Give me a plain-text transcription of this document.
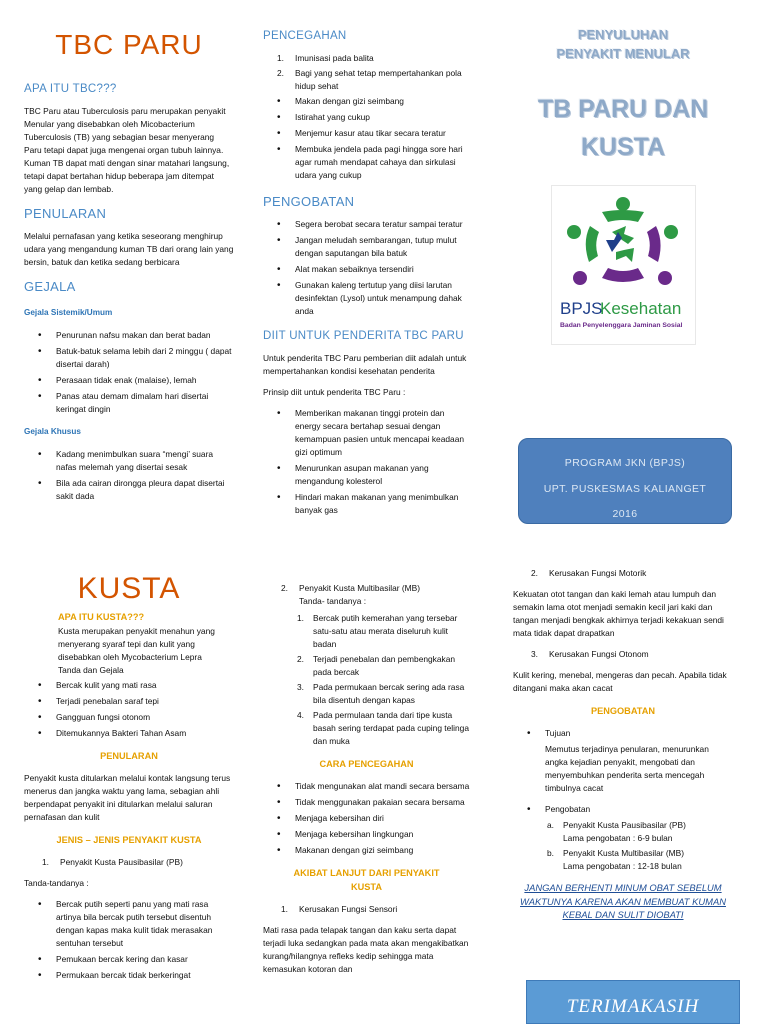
TBC PARU
APA ITU TBC???

TBC Paru atau Tuberculosis paru merupakan penyakit Menular yang disebabkan oleh Micobacterium Tuberculosis (TB) yang sebagian besar menyerang Paru tetapi dapat juga mengenai organ tubuh lainnya. Kuman TB dapat mati dengan sinar matahari langsung, tetapi dapat bertahan hidup beberapa jam ditempat yang gelap dan lembab.

PENULARAN

Melalui pernafasan yang ketika seseorang menghirup udara yang mengandung kuman TB dari orang lain yang bersin, batuk dan ketika sedang berbicara

GEJALA
Gejala Sistemik/Umum
• Penurunan nafsu makan dan berat badan
• Batuk-batuk selama lebih dari 2 minggu ( dapat disertai darah)
• Perasaan tidak enak (malaise), lemah
• Panas atau demam dimalam hari disertai keringat dingin
Gejala Khusus
• Kadang menimbulkan suara “mengi’ suara nafas melemah yang disertai sesak
• Bila ada cairan dirongga pleura dapat disertai sakit dada
PENCEGAHAN
1. Imunisasi pada balita
2. Bagi yang sehat tetap mempertahankan pola hidup sehat
• Makan dengan gizi seimbang
• Istirahat yang cukup
• Menjemur kasur atau tikar secara teratur
• Membuka jendela pada pagi hingga sore hari agar rumah mendapat cahaya dan sirkulasi udara yang cukup
PENGOBATAN
• Segera berobat secara teratur sampai teratur
• Jangan meludah sembarangan, tutup mulut dengan saputangan bila batuk
• Alat makan sebaiknya tersendiri
• Gunakan kaleng tertutup yang diisi larutan desinfektan (Lysol) untuk menampung dahak anda
DIIT UNTUK PENDERITA TBC PARU

Untuk penderita TBC Paru pemberian diit adalah untuk mempertahankan kondisi kesehatan penderita

Prinsip diit untuk penderita TBC Paru :

• Memberikan makanan tinggi protein dan energy secara bertahap sesuai dengan kemampuan pasien untuk mencapai keadaan gizi optimum
• Menurunkan asupan makanan yang mengandung kolesterol
• Hindari makan makanan yang menimbulkan banyak gas
PENYULUHAN
PENYAKIT MENULAR
TB PARU DAN
KUSTA
BPJS
Kesehatan
Badan Penyelenggara Jaminan Sosial
PROGRAM JKN (BPJS)
UPT. PUSKESMAS KALIANGET
2016
KUSTA
APA ITU KUSTA???

Kusta merupakan penyakit menahun yang menyerang syaraf tepi dan kulit yang disebabkan oleh Mycobacterium Lepra

Tanda dan Gejala

• Bercak kulit yang mati rasa
• Terjadi penebalan saraf tepi
• Gangguan fungsi otonom
• Ditemukannya Bakteri Tahan Asam
PENULARAN

Penyakit kusta ditularkan melalui kontak langsung terus menerus dan jangka waktu yang lama, sebagian ahli berpendapat penyakit ini ditularkan melalui saluran pernafasan dan kulit

JENIS – JENIS PENYAKIT KUSTA
1. Penyakit Kusta Pausibasilar (PB)

Tanda-tandanya :

• Bercak putih seperti panu yang mati rasa artinya bila bercak putih tersebut disentuh dengan kapas maka kulit tidak merasakan sentuhan tersebut
• Pemukaan bercak kering dan kasar
• Permukaan bercak tidak berkeringat
2. Penyakit Kusta Multibasilar (MB)

Tanda- tandanya :

1. Bercak putih kemerahan yang tersebar satu-satu atau merata diseluruh kulit badan
2. Terjadi penebalan dan pembengkakan pada bercak
3. Pada permukaan bercak sering ada rasa bila disentuh dengan kapas
4. Pada permulaan tanda dari tipe kusta basah sering terdapat pada cuping telinga dan muka
CARA PENCEGAHAN
• Tidak mengunakan alat mandi secara bersama
• Tidak menggunakan pakaian secara bersama
• Menjaga kebersihan diri
• Menjaga kebersihan lingkungan
• Makanan dengan gizi seimbang
AKIBAT LANJUT DARI PENYAKIT KUSTA
1. Kerusakan Fungsi Sensori

Mati rasa pada telapak tangan dan kaku serta dapat terjadi luka sedangkan pada mata akan mengakibatkan kurang/hilangnya refleks kedip sehingga mata kemasukan kotoran dan

2. Kerusakan Fungsi Motorik

Kekuatan otot tangan dan kaki lemah atau lumpuh dan semakin lama otot menjadi semakin kecil jari kaki dan tangan menjadi bengkak akhirnya terjadi kekakuan sendi mata tidak dapat drapatkan

3. Kerusakan Fungsi Otonom

Kulit kering, menebal, mengeras dan pecah. Apabila tidak ditangani maka akan cacat

PENGOBATAN
• Tujuan

Memutus terjadinya penularan, menurunkan angka kejadian penyakit, mengobati dan menyembuhkan penderita serta mencegah timbulnya cacat

• Pengobatan
a. Penyakit Kusta Pausibasilar (PB)
Lama pengobatan : 6-9 bulan
b. Penyakit Kusta Multibasilar (MB)
Lama pengobatan : 12-18 bulan

JANGAN BERHENTI MINUM OBAT SEBELUM WAKTUNYA KARENA AKAN MEMBUAT KUMAN KEBAL DAN SULIT DIOBATI

TERIMAKASIH
